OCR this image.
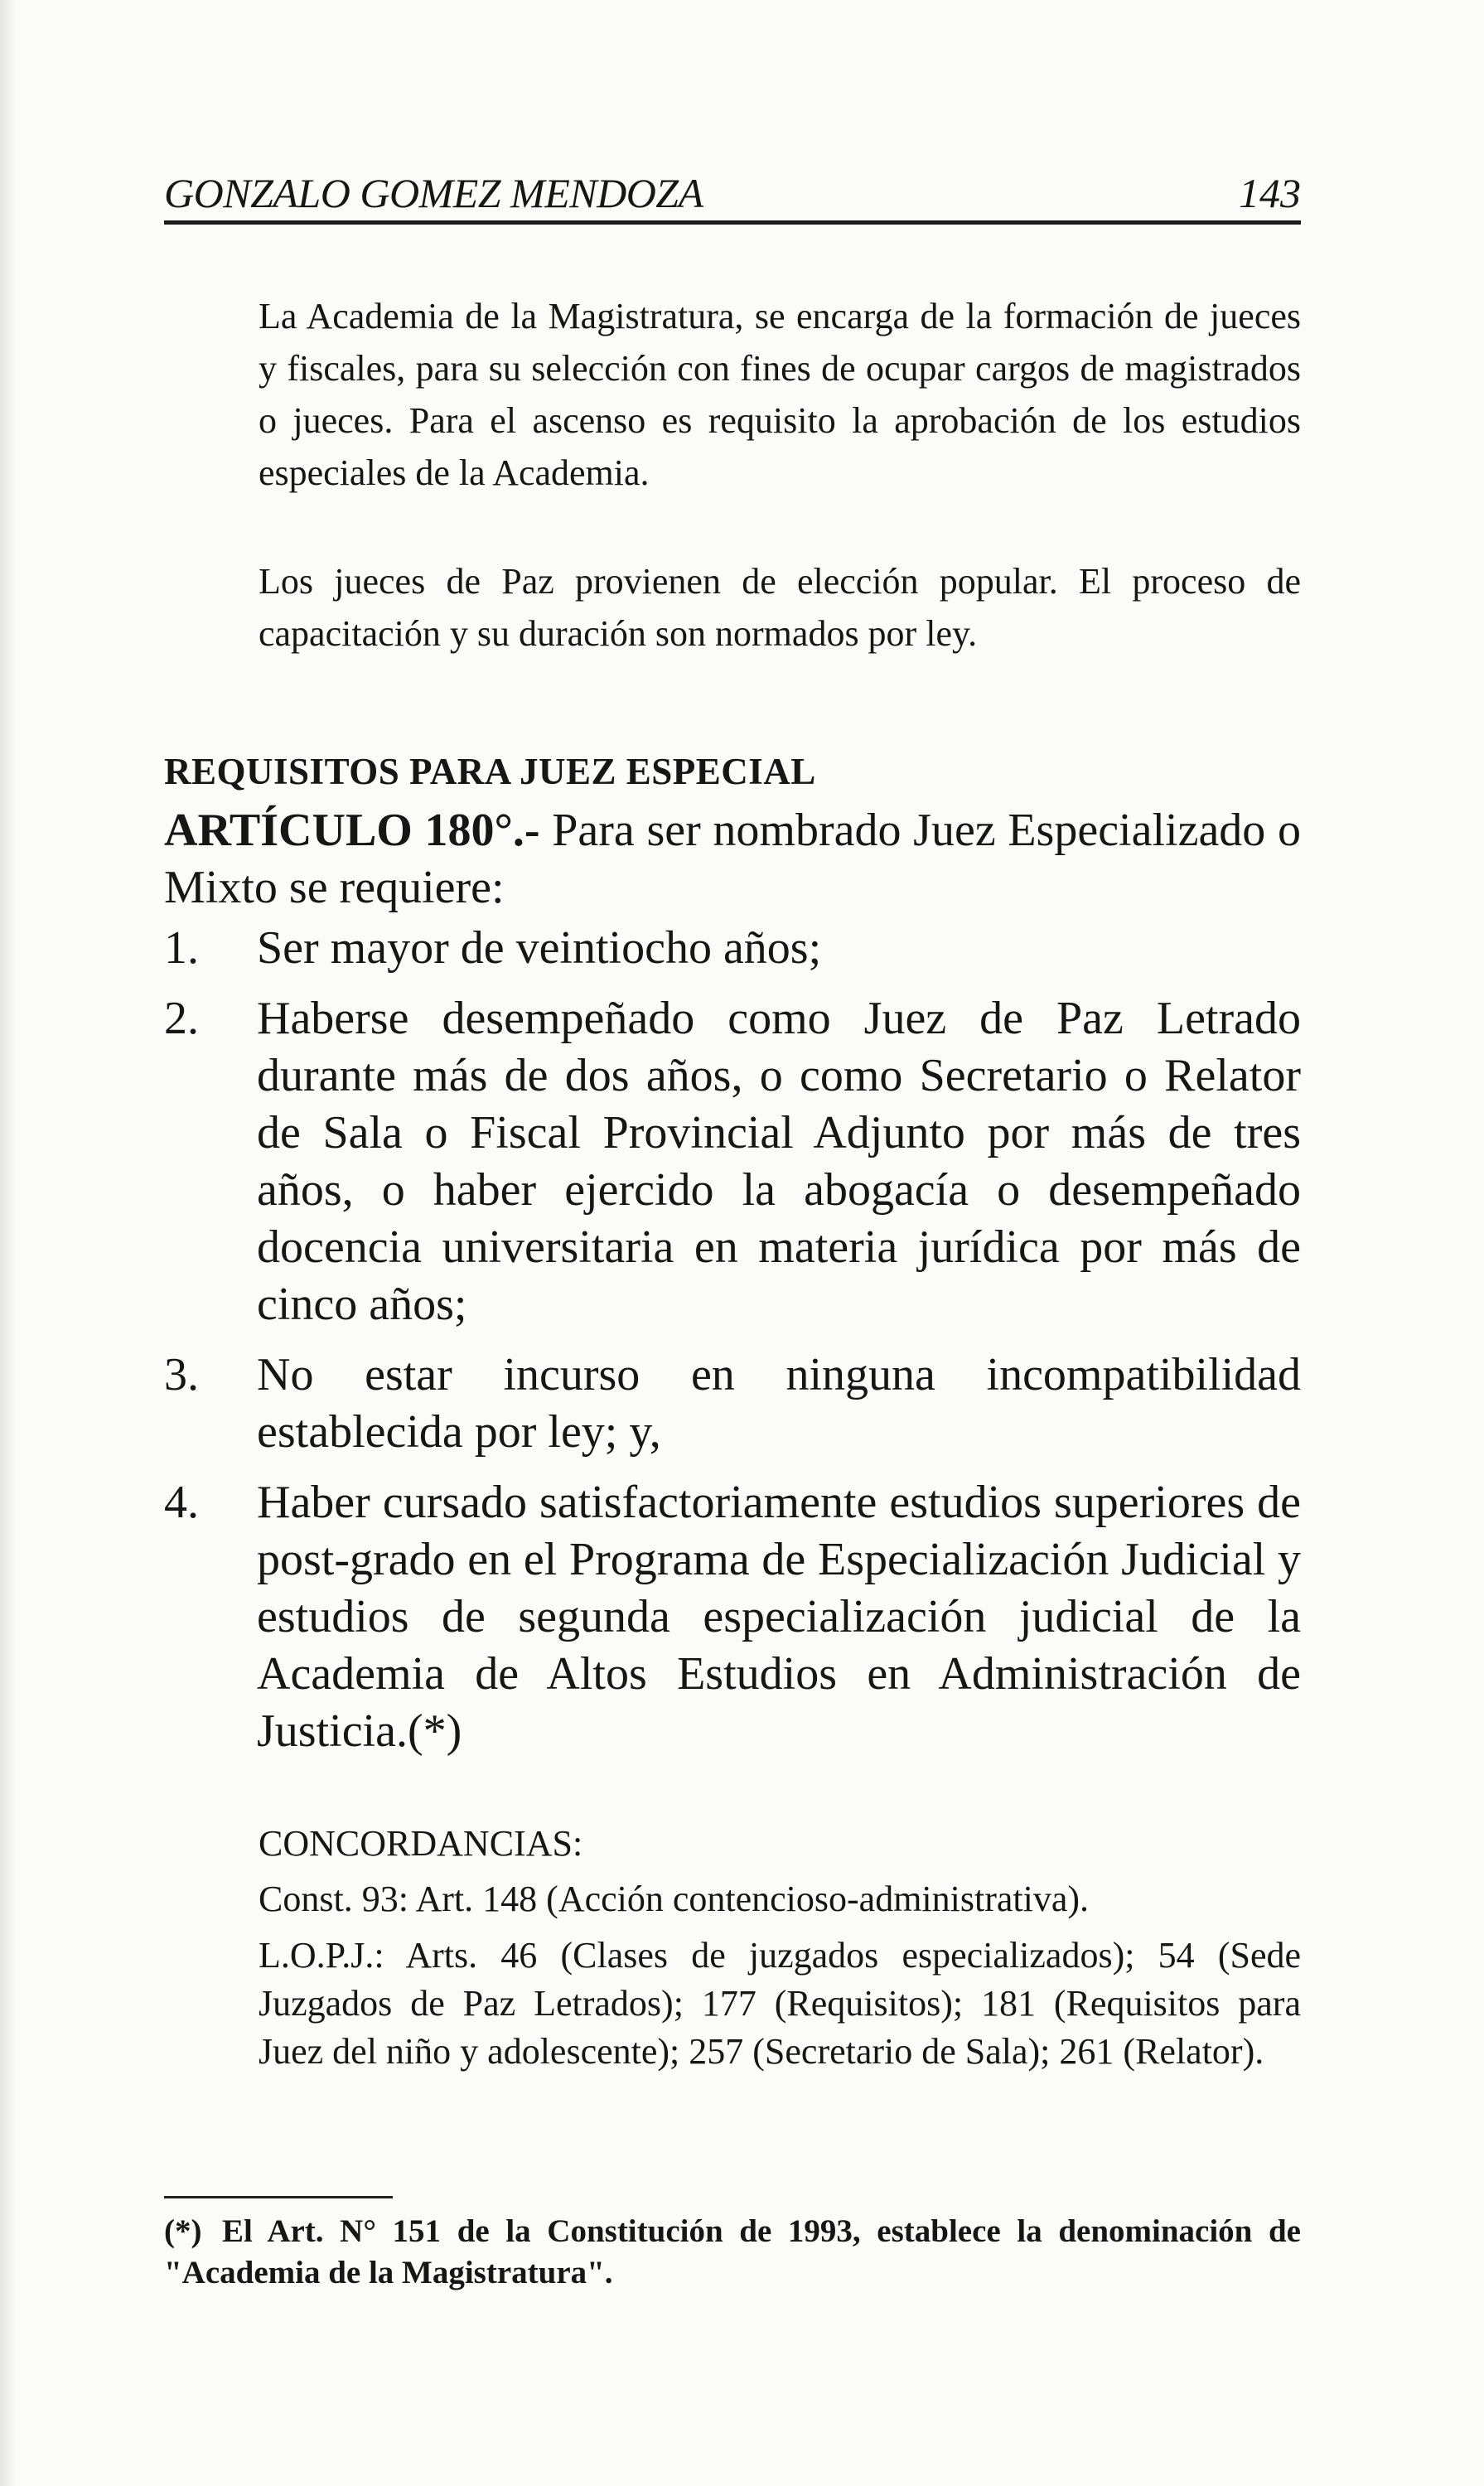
GONZALO GOMEZ MENDOZA	143

La Academia de la Magistratura, se encarga de la formación de jueces y fiscales, para su selección con fines de ocupar cargos de magistrados o jueces. Para el ascenso es requisito la aprobación de los estudios especiales de la Academia.

Los jueces de Paz provienen de elección popular. El proceso de capacitación y su duración son normados por ley.

REQUISITOS PARA JUEZ ESPECIAL

ARTÍCULO 180°.- Para ser nombrado Juez Especializado o Mixto se requiere:

1.	Ser mayor de veintiocho años;
2.	Haberse desempeñado como Juez de Paz Letrado durante más de dos años, o como Secretario o Relator de Sala o Fiscal Provincial Adjunto por más de tres años, o haber ejercido la abogacía o desempeñado docencia universitaria en materia jurídica por más de cinco años;
3.	No estar incurso en ninguna incompatibilidad establecida por ley; y,
4.	Haber cursado satisfactoriamente estudios superiores de post-grado en el Programa de Especialización Judicial y estudios de segunda especialización judicial de la Academia de Altos Estudios en Administración de Justicia.(*)

CONCORDANCIAS:

Const. 93: Art. 148 (Acción contencioso-administrativa).

L.O.P.J.: Arts. 46 (Clases de juzgados especializados); 54 (Sede Juzgados de Paz Letrados); 177 (Requisitos); 181 (Requisitos para Juez del niño y adolescente); 257 (Secretario de Sala); 261 (Relator).

(*) El Art. N° 151 de la Constitución de 1993, establece la denominación de "Academia de la Magistratura".
